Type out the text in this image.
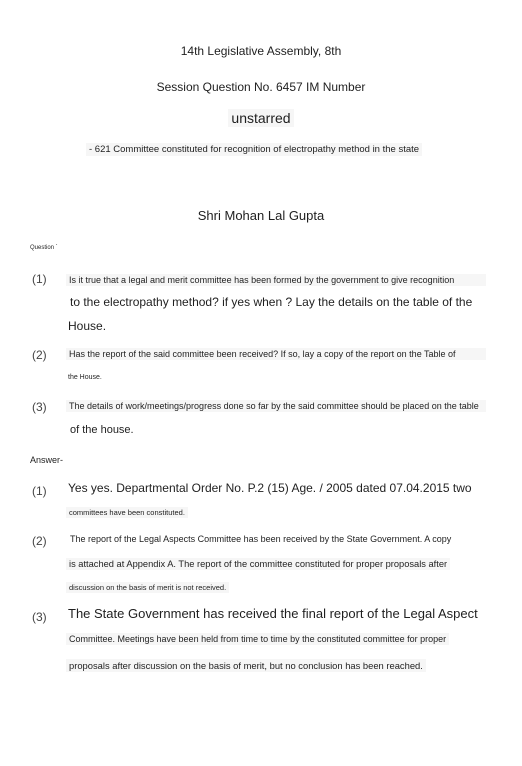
14th Legislative Assembly, 8th
Session Question No. 6457 IM Number
unstarred
- 621 Committee constituted for recognition of electropathy method in the state
Shri Mohan Lal Gupta
Question `
(1)	Is it true that a legal and merit committee has been formed by the government to give recognition
to the electropathy method? if yes when ? Lay the details on the table of the
House.
(2)	Has the report of the said committee been received? If so, lay a copy of the report on the Table of
the House.
(3)	The details of work/meetings/progress done so far by the said committee should be placed on the table
of the house.
Answer-
(1) Yes yes. Departmental Order No. P.2 (15) Age. / 2005 dated 07.04.2015 two
committees have been constituted.
(2)	The report of the Legal Aspects Committee has been received by the State Government. A copy
is attached at Appendix A. The report of the committee constituted for proper proposals after
discussion on the basis of merit is not received.
(3) The State Government has received the final report of the Legal Aspect
Committee. Meetings have been held from time to time by the constituted committee for proper
proposals after discussion on the basis of merit, but no conclusion has been reached.
